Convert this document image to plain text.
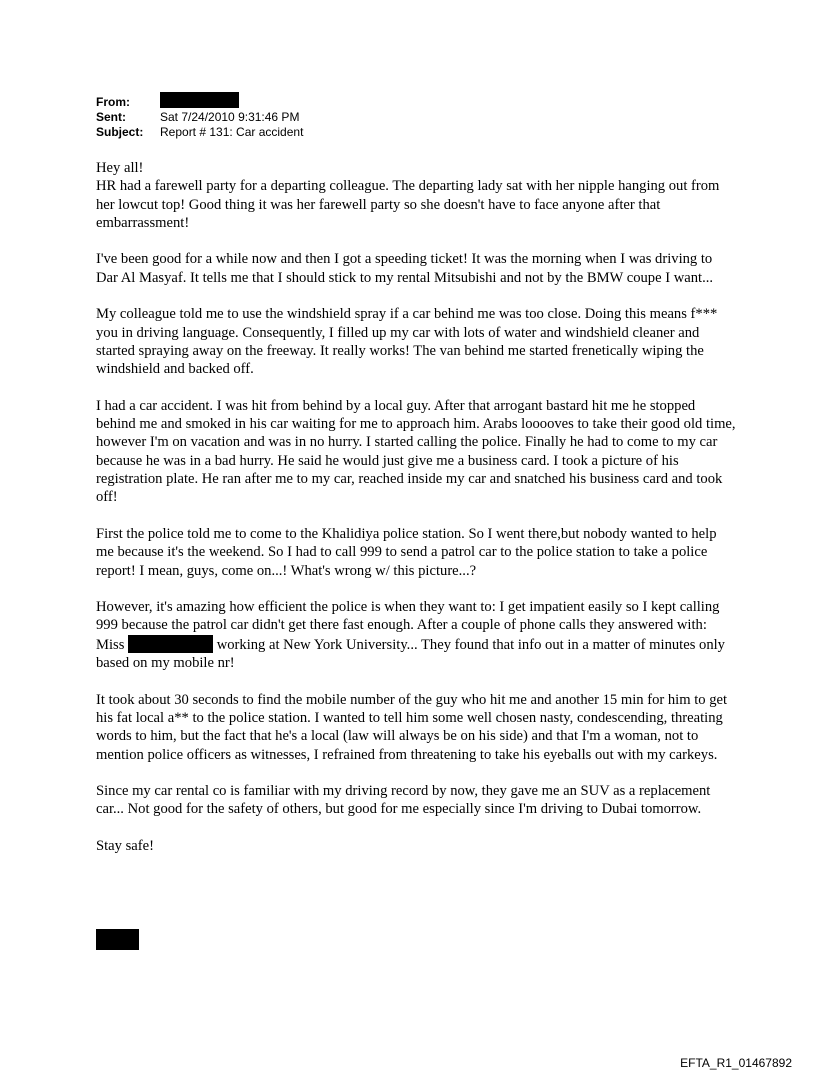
From:
Sent:	Sat 7/24/2010 9:31:46 PM
Subject:	Report # 131: Car accident

Hey all!

HR had a farewell party for a departing colleague. The departing lady sat with her nipple hanging out from her lowcut top! Good thing it was her farewell party so she doesn't have to face anyone after that embarrassment!

I've been good for a while now and then I got a speeding ticket! It was the morning when I was driving to Dar Al Masyaf. It tells me that I should stick to my rental Mitsubishi and not by the BMW coupe I want...

My colleague told me to use the windshield spray if a car behind me was too close. Doing this means f*** you in driving language. Consequently, I filled up my car with lots of water and windshield cleaner and started spraying away on the freeway. It really works! The van behind me started frenetically wiping the windshield and backed off.

I had a car accident. I was hit from behind by a local guy. After that arrogant bastard hit me he stopped behind me and smoked in his car waiting for me to approach him. Arabs looooves to take their good old time, however I'm on vacation and was in no hurry. I started calling the police. Finally he had to come to my car because he was in a bad hurry. He said he would just give me a business card. I took a picture of his registration plate. He ran after me to my car, reached inside my car and snatched his business card and took off!

First the police told me to come to the Khalidiya police station. So I went there,but nobody wanted to help me because it's the weekend. So I had to call 999 to send a patrol car to the police station to take a police report! I mean, guys, come on...! What's wrong w/ this picture...?

However, it's amazing how efficient the police is when they want to: I get impatient easily so I kept calling 999 because the patrol car didn't get there fast enough. After a couple of phone calls they answered with: Miss	working at New York University... They found that info out in a matter of minutes only based on my mobile nr!

It took about 30 seconds to find the mobile number of the guy who hit me and another 15 min for him to get his fat local a** to the police station. I wanted to tell him some well chosen nasty, condescending, threating words to him, but the fact that he's a local (law will always be on his side) and that I'm a woman, not to mention police officers as witnesses, I refrained from threatening to take his eyeballs out with my carkeys.

Since my car rental co is familiar with my driving record by now, they gave me an SUV as a replacement car... Not good for the safety of others, but good for me especially since I'm driving to Dubai tomorrow.

Stay safe!

EFTA_R1_01467892
